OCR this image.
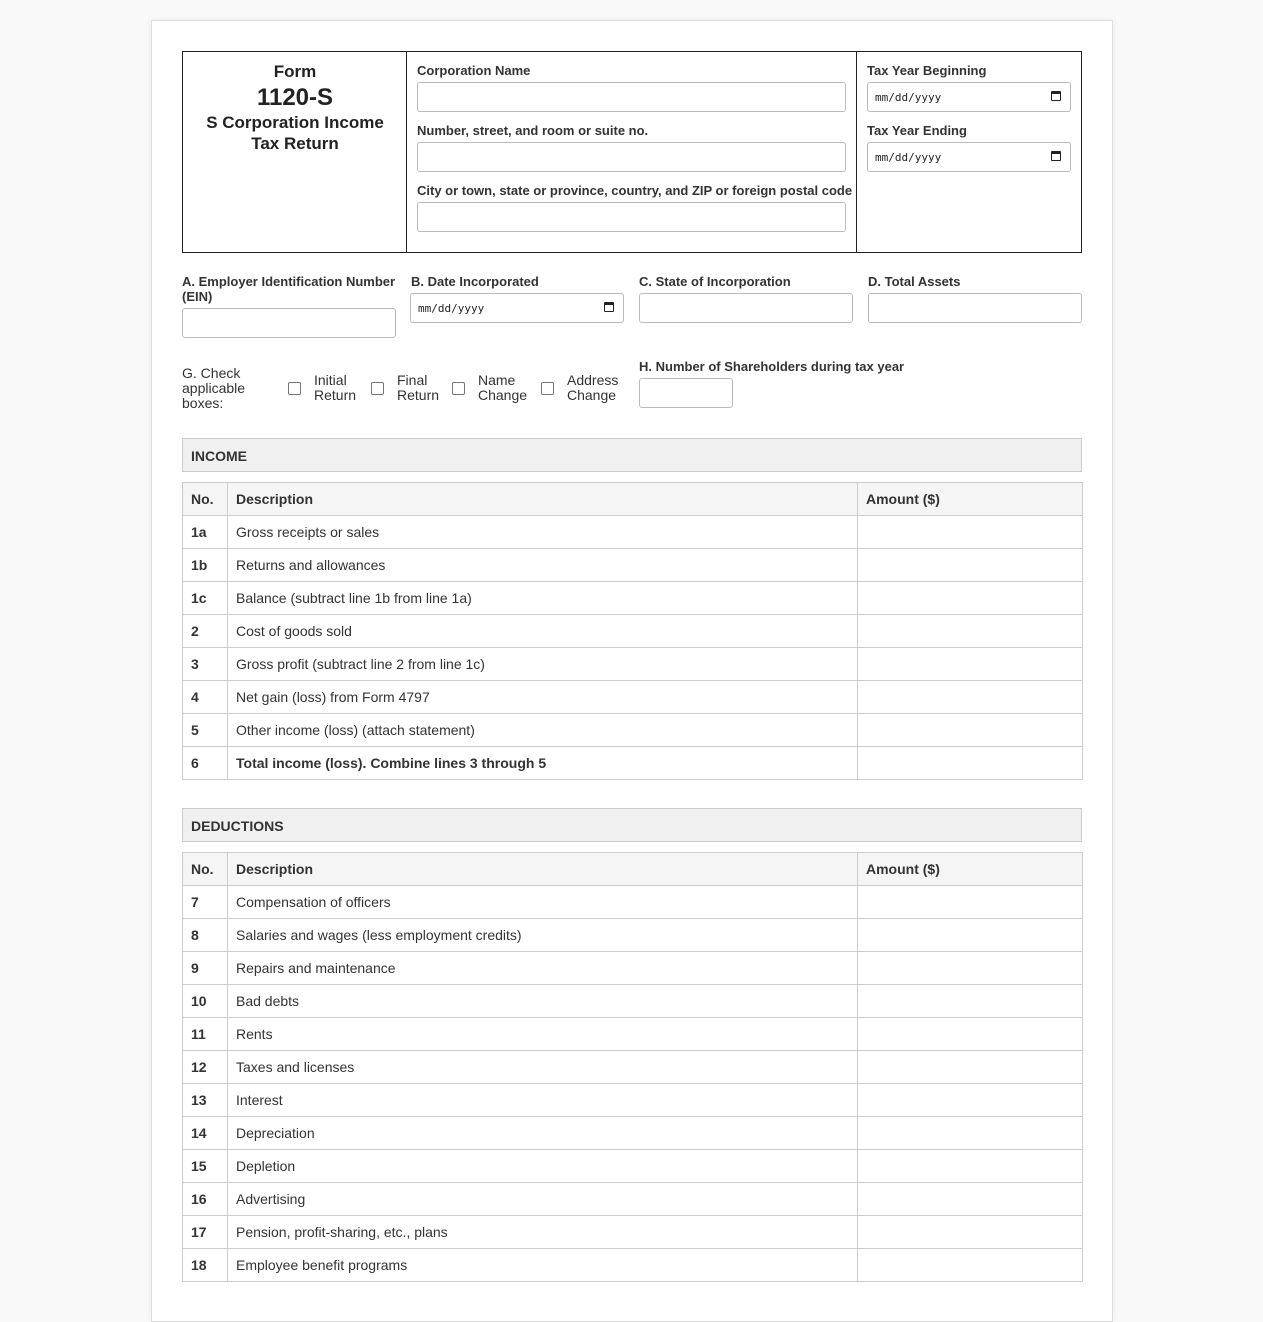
Form
1120-S
S Corporation Income Tax Return
Corporation Name
Number, street, and room or suite no.
City or town, state or province, country, and ZIP or foreign postal code
Tax Year Beginning
mm/dd/yyyy
Tax Year Ending
mm/dd/yyyy
A. Employer Identification Number (EIN)
B. Date Incorporated
mm/dd/yyyy
C. State of Incorporation	D. Total Assets
G. Check applicable boxes:
Initial Return
Final Return
Name Change
Address Change
H. Number of Shareholders during tax year
INCOME
No.	Description	Amount ($)
1a	Gross receipts or sales	
1b	Returns and allowances	
1c	Balance (subtract line 1b from line 1a)	
2	Cost of goods sold	
3	Gross profit (subtract line 2 from line 1c)	
4	Net gain (loss) from Form 4797	
5	Other income (loss) (attach statement)	
6	Total income (loss). Combine lines 3 through 5	
DEDUCTIONS
No.	Description	Amount ($)
7	Compensation of officers	
8	Salaries and wages (less employment credits)	
9	Repairs and maintenance	
10	Bad debts	
11	Rents	
12	Taxes and licenses	
13	Interest	
14	Depreciation	
15	Depletion	
16	Advertising	
17	Pension, profit-sharing, etc., plans	
18	Employee benefit programs	
